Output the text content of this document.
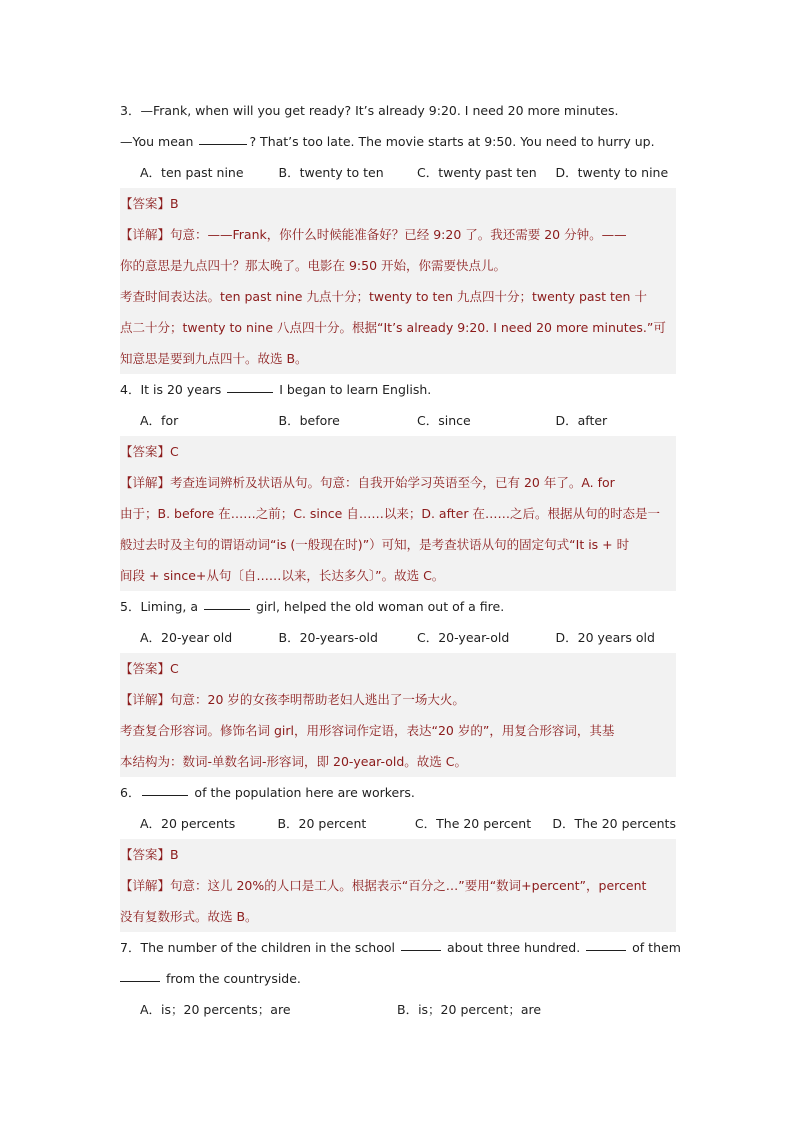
3．—Frank, when will you get ready? It’s already 9:20. I need 20 more minutes.
—You mean	? That’s too late. The movie starts at 9:50. You need to hurry up.
A．ten past nine	B．twenty to ten	C．twenty past ten	D．twenty to nine
【答案】B
【详解】句意：——Frank，你什么时候能准备好？已经 9:20 了。我还需要 20 分钟。——
你的意思是九点四十？那太晚了。电影在 9:50 开始，你需要快点儿。
考查时间表达法。ten past nine 九点十分；twenty to ten 九点四十分；twenty past ten 十
点二十分；twenty to nine 八点四十分。根据“It’s already 9:20. I need 20 more minutes.”可
知意思是要到九点四十。故选 B。
4．It is 20 years	I began to learn English.
A．for	B．before	C．since	D．after
【答案】C
【详解】考查连词辨析及状语从句。句意：自我开始学习英语至今，已有 20 年了。A. for
由于；B. before 在……之前；C. since 自……以来；D. after 在……之后。根据从句的时态是一
般过去时及主句的谓语动词“is (一般现在时)”）可知，是考查状语从句的固定句式“It is + 时
间段 + since+从句〔自……以来，长达多久〕”。故选 C。
5．Liming, a	girl, helped the old woman out of a fire.
A．20-year old	B．20-years-old	C．20-year-old	D．20 years old
【答案】C
【详解】句意：20 岁的女孩李明帮助老妇人逃出了一场大火。
考查复合形容词。修饰名词 girl，用形容词作定语，表达“20 岁的”，用复合形容词，其基
本结构为：数词-单数名词-形容词，即 20-year-old。故选 C。
6．	of the population here are workers.
A．20 percents	B．20 percent	C．The 20 percent	D．The 20 percents
【答案】B
【详解】句意：这儿 20%的人口是工人。根据表示“百分之…”要用“数词+percent”，percent
没有复数形式。故选 B。
7．The number of the children in the school	about three hundred.	of them
from the countryside.
A．is；20 percents；are	B．is；20 percent；are
